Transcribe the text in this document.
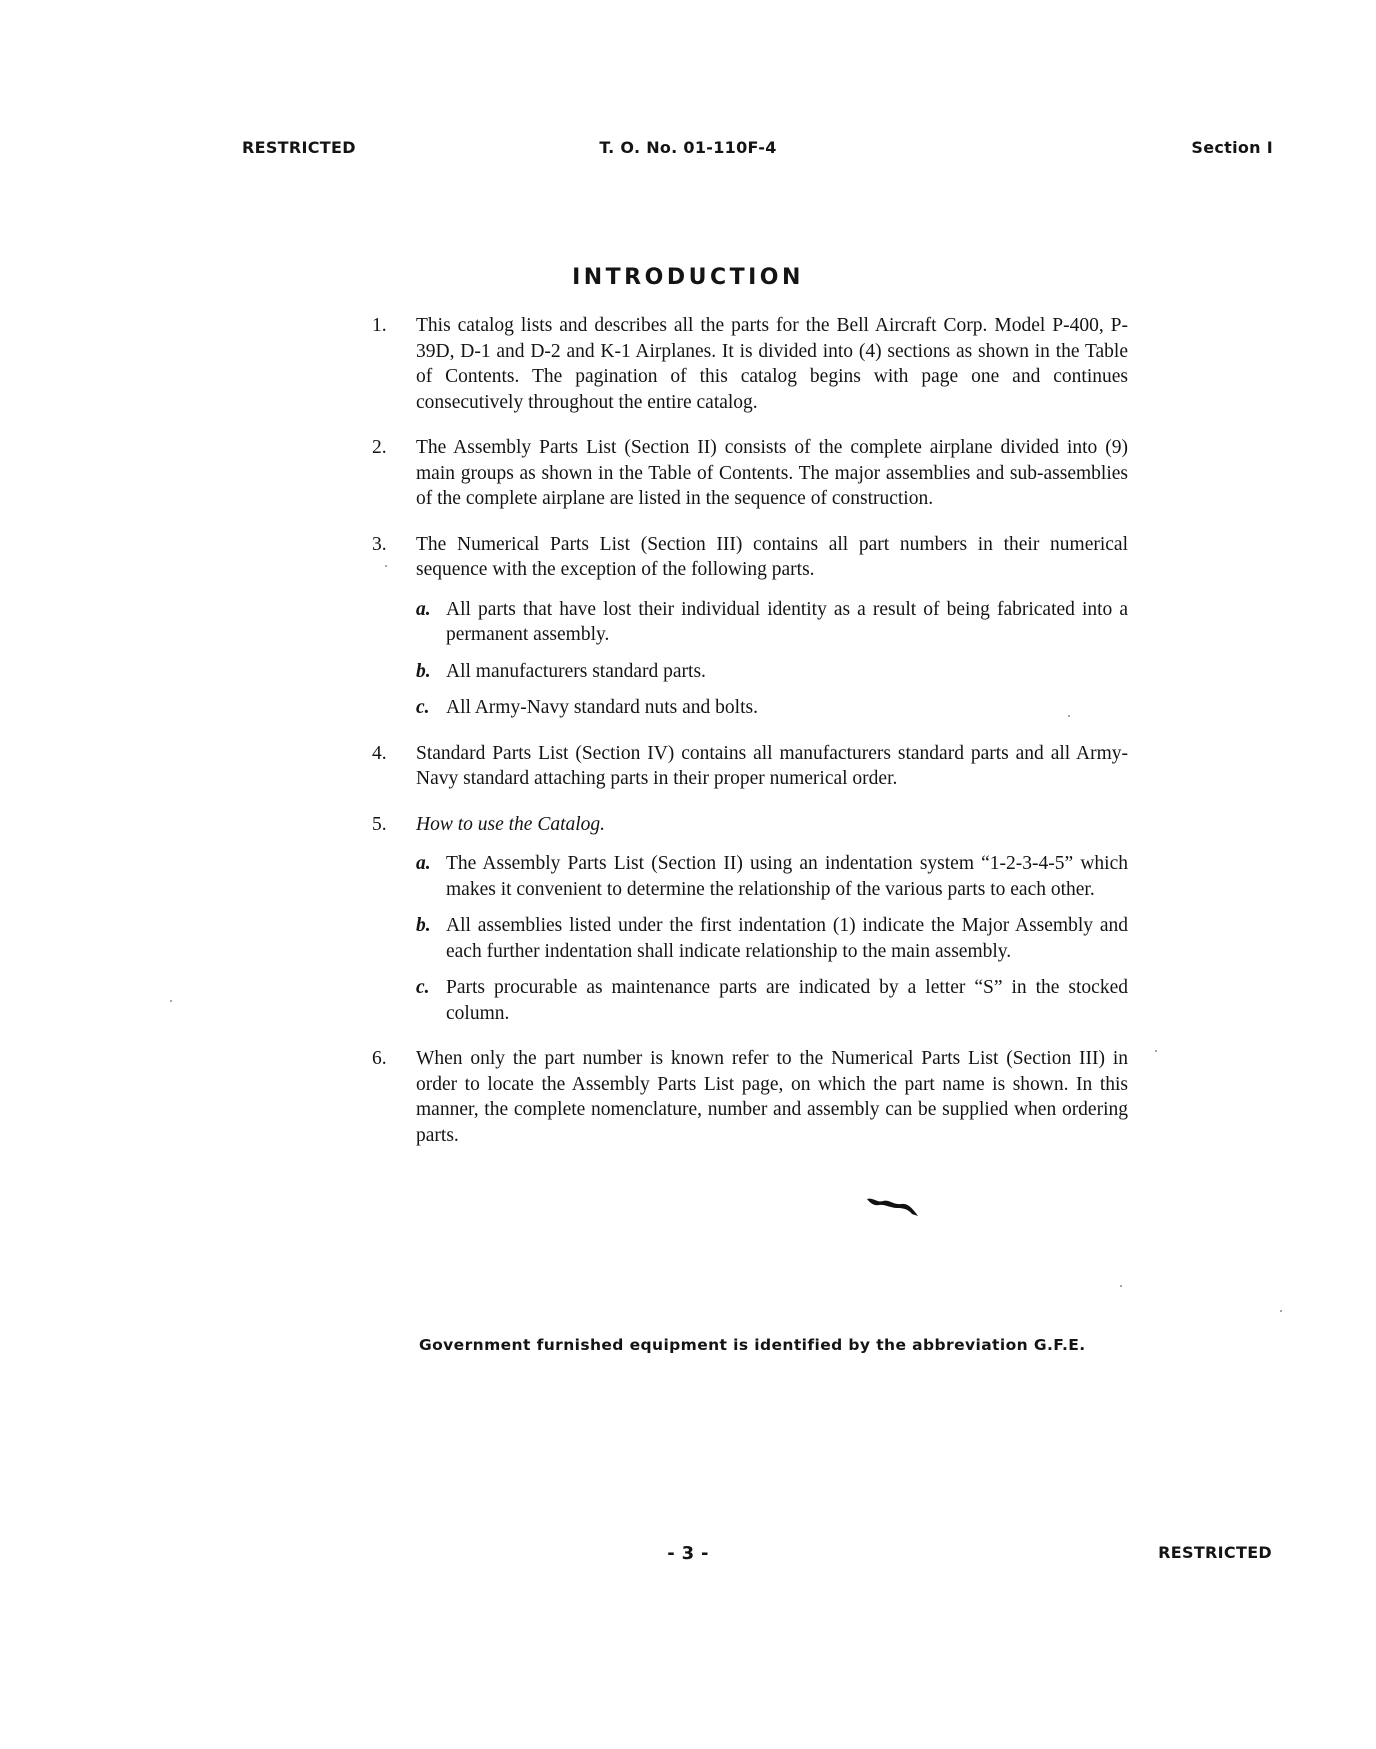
RESTRICTED	T. O. No. 01-110F-4	Section I
INTRODUCTION
1. This catalog lists and describes all the parts for the Bell Aircraft Corp. Model P-400, P-39D, D-1 and D-2 and K-1 Airplanes. It is divided into (4) sections as shown in the Table of Contents. The pagination of this catalog begins with page one and continues consecutively throughout the entire catalog.
2. The Assembly Parts List (Section II) consists of the complete airplane divided into (9) main groups as shown in the Table of Contents. The major assemblies and sub-assemblies of the complete airplane are listed in the sequence of construction.
3. The Numerical Parts List (Section III) contains all part numbers in their numerical sequence with the exception of the following parts.
a. All parts that have lost their individual identity as a result of being fabricated into a permanent assembly.
b. All manufacturers standard parts.
c. All Army-Navy standard nuts and bolts.
4. Standard Parts List (Section IV) contains all manufacturers standard parts and all Army-Navy standard attaching parts in their proper numerical order.
5. How to use the Catalog.
a. The Assembly Parts List (Section II) using an indentation system “1-2-3-4-5” which makes it convenient to determine the relationship of the various parts to each other.
b. All assemblies listed under the first indentation (1) indicate the Major Assembly and each further indentation shall indicate relationship to the main assembly.
c. Parts procurable as maintenance parts are indicated by a letter “S” in the stocked column.
6. When only the part number is known refer to the Numerical Parts List (Section III) in order to locate the Assembly Parts List page, on which the part name is shown. In this manner, the complete nomenclature, number and assembly can be supplied when ordering parts.
Government furnished equipment is identified by the abbreviation G.F.E.
- 3 -	RESTRICTED
